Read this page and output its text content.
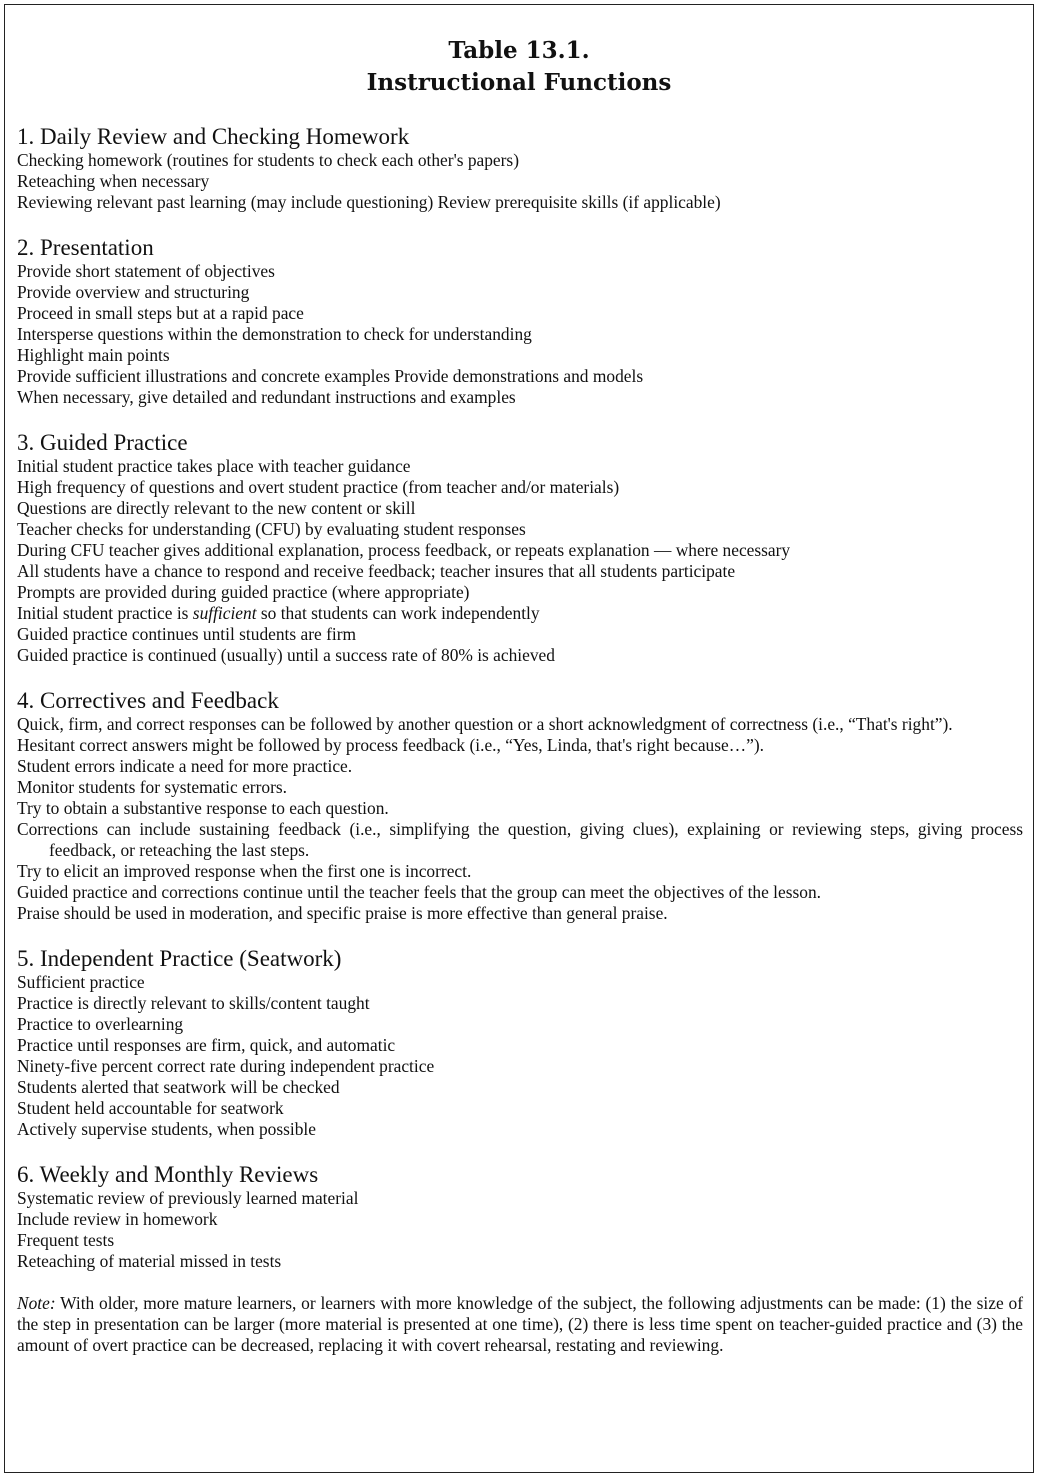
Table 13.1.
Instructional Functions
1. Daily Review and Checking Homework
Checking homework (routines for students to check each other's papers)
Reteaching when necessary
Reviewing relevant past learning (may include questioning) Review prerequisite skills (if applicable)
2. Presentation
Provide short statement of objectives
Provide overview and structuring
Proceed in small steps but at a rapid pace
Intersperse questions within the demonstration to check for understanding
Highlight main points
Provide sufficient illustrations and concrete examples Provide demonstrations and models
When necessary, give detailed and redundant instructions and examples
3. Guided Practice
Initial student practice takes place with teacher guidance
High frequency of questions and overt student practice (from teacher and/or materials)
Questions are directly relevant to the new content or skill
Teacher checks for understanding (CFU) by evaluating student responses
During CFU teacher gives additional explanation, process feedback, or repeats explanation — where necessary
All students have a chance to respond and receive feedback; teacher insures that all students participate
Prompts are provided during guided practice (where appropriate)
Initial student practice is sufficient so that students can work independently
Guided practice continues until students are firm
Guided practice is continued (usually) until a success rate of 80% is achieved
4. Correctives and Feedback
Quick, firm, and correct responses can be followed by another question or a short acknowledgment of correctness (i.e., “That's right”).
Hesitant correct answers might be followed by process feedback (i.e., “Yes, Linda, that's right because…”).
Student errors indicate a need for more practice.
Monitor students for systematic errors.
Try to obtain a substantive response to each question.
Corrections can include sustaining feedback (i.e., simplifying the question, giving clues), explaining or reviewing steps, giving process feedback, or reteaching the last steps.
Try to elicit an improved response when the first one is incorrect.
Guided practice and corrections continue until the teacher feels that the group can meet the objectives of the lesson.
Praise should be used in moderation, and specific praise is more effective than general praise.
5. Independent Practice (Seatwork)
Sufficient practice
Practice is directly relevant to skills/content taught
Practice to overlearning
Practice until responses are firm, quick, and automatic
Ninety-five percent correct rate during independent practice
Students alerted that seatwork will be checked
Student held accountable for seatwork
Actively supervise students, when possible
6. Weekly and Monthly Reviews
Systematic review of previously learned material
Include review in homework
Frequent tests
Reteaching of material missed in tests
Note: With older, more mature learners, or learners with more knowledge of the subject, the following adjustments can be made: (1) the size of the step in presentation can be larger (more material is presented at one time), (2) there is less time spent on teacher-guided practice and (3) the amount of overt practice can be decreased, replacing it with covert rehearsal, restating and reviewing.
